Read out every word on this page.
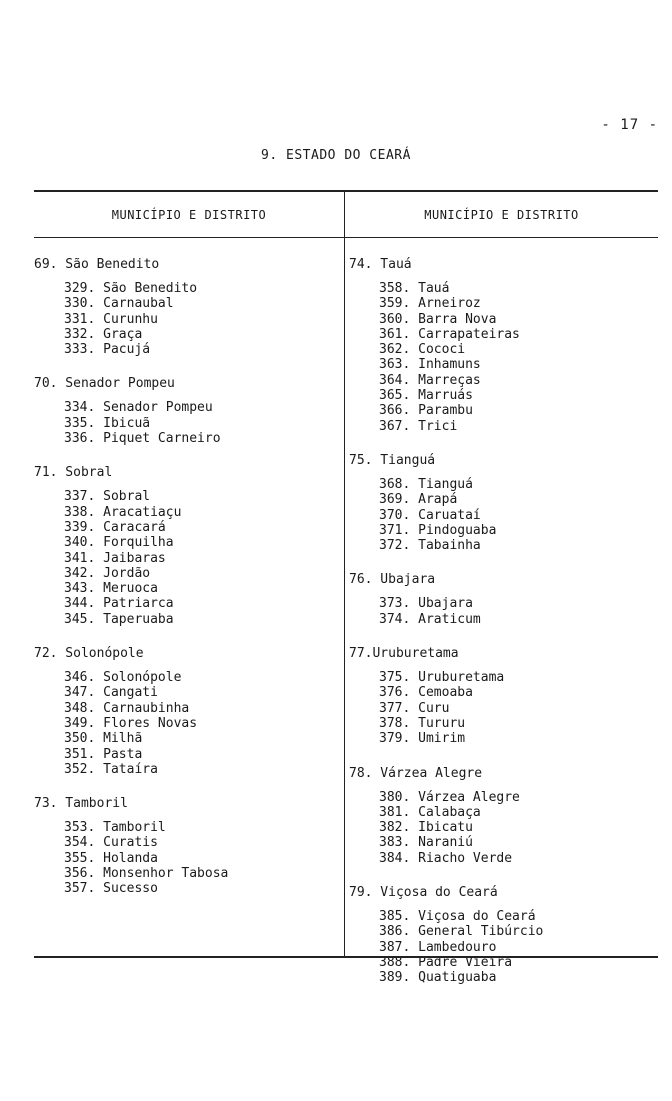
- 17 -
9. ESTADO DO CEARÁ
MUNICÍPIO E DISTRITO	MUNICÍPIO E DISTRITO

69. São Benedito

329. São Benedito
330. Carnaubal
331. Curunhu
332. Graça
333. Pacujá

70. Senador Pompeu

334. Senador Pompeu
335. Ibicuã
336. Piquet Carneiro

71. Sobral

337. Sobral
338. Aracatiaçu
339. Caracará
340. Forquilha
341. Jaibaras
342. Jordão
343. Meruoca
344. Patriarca
345. Taperuaba

72. Solonópole

346. Solonópole
347. Cangati
348. Carnaubinha
349. Flores Novas
350. Milhã
351. Pasta
352. Tataíra

73. Tamboril

353. Tamboril
354. Curatis
355. Holanda
356. Monsenhor Tabosa
357. Sucesso

74. Tauá

358. Tauá
359. Arneiroz
360. Barra Nova
361. Carrapateiras
362. Cococi
363. Inhamuns
364. Marreças
365. Marruás
366. Parambu
367. Trici

75. Tianguá

368. Tianguá
369. Arapá
370. Caruataí
371. Pindoguaba
372. Tabainha

76. Ubajara

373. Ubajara
374. Araticum

77.Uruburetama

375. Uruburetama
376. Cemoaba
377. Curu
378. Tururu
379. Umirim

78. Várzea Alegre

380. Várzea Alegre
381. Calabaça
382. Ibicatu
383. Naraniú
384. Riacho Verde

79. Viçosa do Ceará

385. Viçosa do Ceará
386. General Tibúrcio
387. Lambedouro
388. Padre Vieira
389. Quatiguaba
